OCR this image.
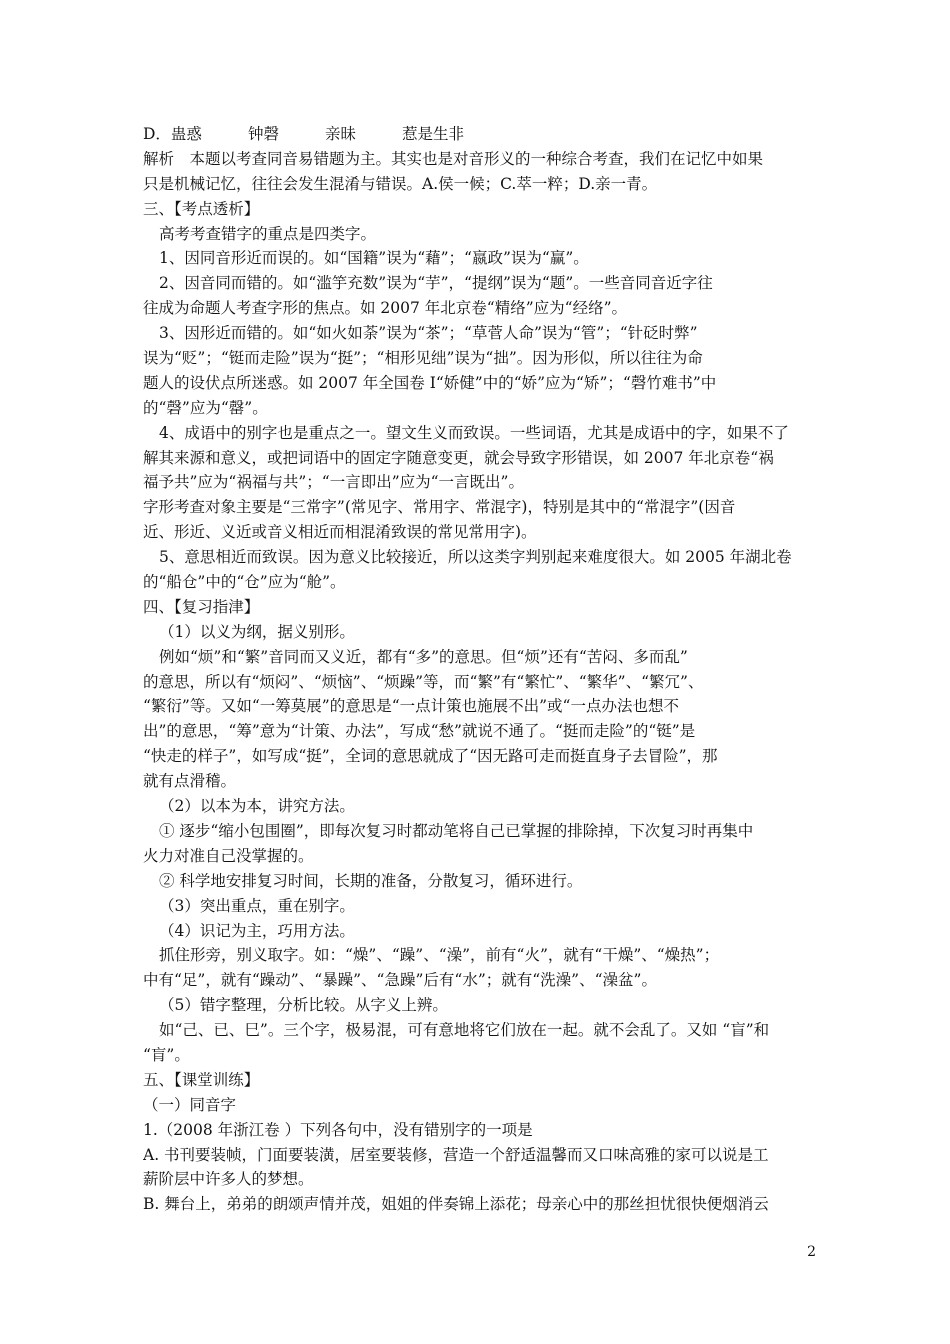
D．蛊惑	钟磬	亲昧	惹是生非
解析　本题以考查同音易错题为主。其实也是对音形义的一种综合考查，我们在记忆中如果
只是机械记忆，往往会发生混淆与错误。A.侯一候；C.萃一粹；D.亲一青。
三、【考点透析】
高考考查错字的重点是四类字。
1、因同音形近而误的。如“国籍”误为“藉”；“嬴政”误为“赢”。
2、因音同而错的。如“滥竽充数”误为“芋”，“提纲”误为“题”。一些音同音近字往
往成为命题人考查字形的焦点。如 2007 年北京卷“精络”应为“经络”。
3、因形近而错的。如“如火如荼”误为“茶”；“草菅人命”误为“管”；“针砭时弊”
误为“贬”；“铤而走险”误为“挺”；“相形见绌”误为“拙”。因为形似，所以往往为命
题人的设伏点所迷惑。如 2007 年全国卷 I“娇健”中的“娇”应为“矫”；“磬竹难书”中
的“磬”应为“罄”。
4、成语中的别字也是重点之一。望文生义而致误。一些词语，尤其是成语中的字，如果不了
解其来源和意义，或把词语中的固定字随意变更，就会导致字形错误，如 2007 年北京卷“祸
福予共”应为“祸福与共”；“一言即出”应为“一言既出”。
字形考查对象主要是“三常字”(常见字、常用字、常混字)，特别是其中的“常混字”(因音
近、形近、义近或音义相近而相混淆致误的常见常用字)。
5、意思相近而致误。因为意义比较接近，所以这类字判别起来难度很大。如 2005 年湖北卷
的“船仓”中的“仓”应为“舱”。
四、【复习指津】
（1）以义为纲，据义别形。
例如“烦”和“繁”音同而又义近，都有“多”的意思。但“烦”还有“苦闷、多而乱”
的意思，所以有“烦闷”、“烦恼”、“烦躁”等，而“繁”有“繁忙”、“繁华”、“繁冗”、
“繁衍”等。又如“一筹莫展”的意思是“一点计策也施展不出”或“一点办法也想不
出”的意思，“筹”意为“计策、办法”，写成“愁”就说不通了。“挺而走险”的“铤”是
“快走的样子”，如写成“挺”，全词的意思就成了“因无路可走而挺直身子去冒险”，那
就有点滑稽。
（2）以本为本，讲究方法。
① 逐步“缩小包围圈”，即每次复习时都动笔将自己已掌握的排除掉，下次复习时再集中
火力对准自己没掌握的。
② 科学地安排复习时间，长期的准备，分散复习，循环进行。
（3）突出重点，重在别字。
（4）识记为主，巧用方法。
抓住形旁，别义取字。如：“燥”、“躁”、“澡”，前有“火”，就有“干燥”、“燥热”；
中有“足”，就有“躁动”、“暴躁”、“急躁”后有“水”；就有“洗澡”、“澡盆”。
（5）错字整理，分析比较。从字义上辨。
如“己、已、巳”。三个字，极易混，可有意地将它们放在一起。就不会乱了。又如 “盲”和
“肓”。
五、【课堂训练】
（一）同音字
1.（2008 年浙江卷 ）下列各句中，没有错别字的一项是
A. 书刊要装帧，门面要装潢，居室要装修，营造一个舒适温馨而又口味高雅的家可以说是工
薪阶层中许多人的梦想。
B. 舞台上，弟弟的朗颂声情并茂，姐姐的伴奏锦上添花；母亲心中的那丝担忧很快便烟消云
2
